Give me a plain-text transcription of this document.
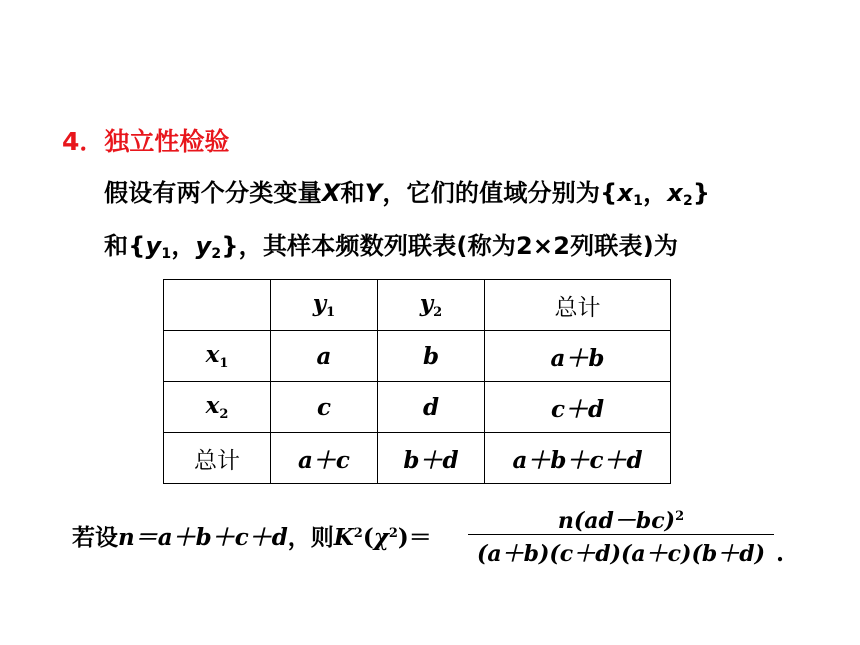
4．独立性检验
假设有两个分类变量X和Y，它们的值域分别为{$x_1$，$x_2$}
和{$y_1$，$y_2$}，其样本频数列联表(称为2×2列联表)为
	$y_1$	$y_2$	总计
$x_1$	a	b	a＋b
$x_2$	c	d	c＋d
总计	a＋c	b＋d	a＋b＋c＋d
若设n＝a＋b＋c＋d，则$K^2(\chi^2)=$
$n(ad-bc)^2$
(a＋b)(c＋d)(a＋c)(b＋d) .
